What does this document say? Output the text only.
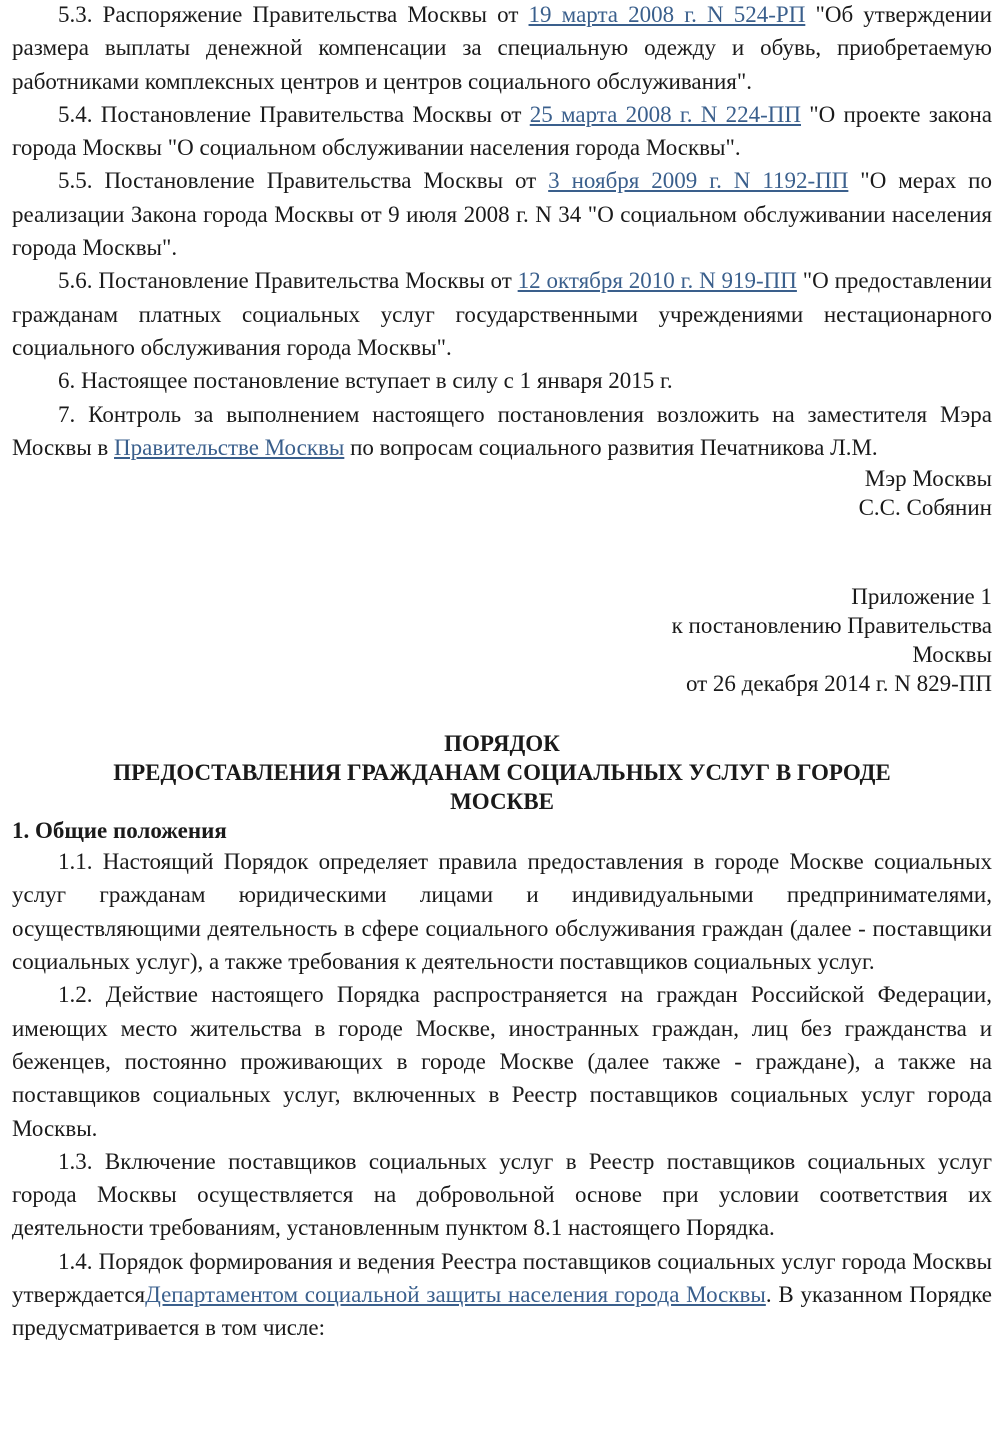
5.3. Распоряжение Правительства Москвы от 19 марта 2008 г. N 524-РП "Об утверждении размера выплаты денежной компенсации за специальную одежду и обувь, приобретаемую работниками комплексных центров и центров социального обслуживания".

5.4. Постановление Правительства Москвы от 25 марта 2008 г. N 224-ПП "О проекте закона города Москвы "О социальном обслуживании населения города Москвы".

5.5. Постановление Правительства Москвы от 3 ноября 2009 г. N 1192-ПП "О мерах по реализации Закона города Москвы от 9 июля 2008 г. N 34 "О социальном обслуживании населения города Москвы".

5.6. Постановление Правительства Москвы от 12 октября 2010 г. N 919-ПП "О предоставлении гражданам платных социальных услуг государственными учреждениями нестационарного социального обслуживания города Москвы".

6. Настоящее постановление вступает в силу с 1 января 2015 г.

7. Контроль за выполнением настоящего постановления возложить на заместителя Мэра Москвы в Правительстве Москвы по вопросам социального развития Печатникова Л.М.

Мэр Москвы

С.С. Собянин

Приложение 1

к постановлению Правительства

Москвы

от 26 декабря 2014 г. N 829-ПП

ПОРЯДОК
ПРЕДОСТАВЛЕНИЯ ГРАЖДАНАМ СОЦИАЛЬНЫХ УСЛУГ В ГОРОДЕ
МОСКВЕ

1. Общие положения

1.1. Настоящий Порядок определяет правила предоставления в городе Москве социальных услуг гражданам юридическими лицами и индивидуальными предпринимателями, осуществляющими деятельность в сфере социального обслуживания граждан (далее - поставщики социальных услуг), а также требования к деятельности поставщиков социальных услуг.

1.2. Действие настоящего Порядка распространяется на граждан Российской Федерации, имеющих место жительства в городе Москве, иностранных граждан, лиц без гражданства и беженцев, постоянно проживающих в городе Москве (далее также - граждане), а также на поставщиков социальных услуг, включенных в Реестр поставщиков социальных услуг города Москвы.

1.3. Включение поставщиков социальных услуг в Реестр поставщиков социальных услуг города Москвы осуществляется на добровольной основе при условии соответствия их деятельности требованиям, установленным пунктом 8.1 настоящего Порядка.

1.4. Порядок формирования и ведения Реестра поставщиков социальных услуг города Москвы утверждаетсяДепартаментом социальной защиты населения города Москвы. В указанном Порядке предусматривается в том числе:
